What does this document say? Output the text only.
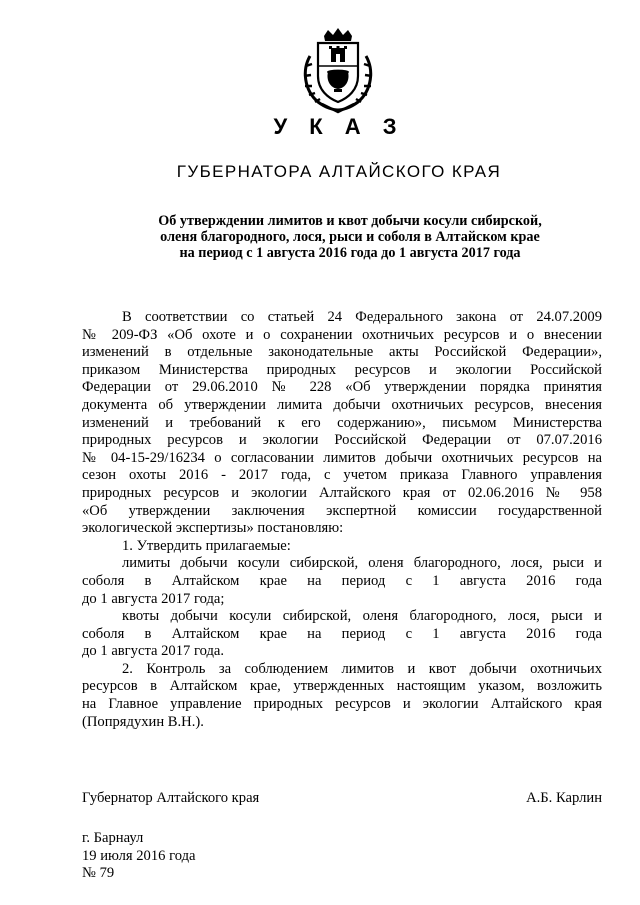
У К А З
ГУБЕРНАТОРА АЛТАЙСКОГО КРАЯ
Об утверждении лимитов и квот добычи косули сибирской,
оленя благородного, лося, рыси и соболя в Алтайском крае
на период с 1 августа 2016 года до 1 августа 2017 года
В соответствии со статьей 24 Федерального закона от 24.07.2009
№ 209-ФЗ «Об охоте и о сохранении охотничьих ресурсов и о внесении
изменений в отдельные законодательные акты Российской Федерации»,
приказом Министерства природных ресурсов и экологии Российской
Федерации от 29.06.2010 № 228 «Об утверждении порядка принятия
документа об утверждении лимита добычи охотничьих ресурсов, внесения
изменений и требований к его содержанию», письмом Министерства
природных ресурсов и экологии Российской Федерации от 07.07.2016
№ 04-15-29/16234 о согласовании лимитов добычи охотничьих ресурсов на
сезон охоты 2016 - 2017 года, с учетом приказа Главного управления
природных ресурсов и экологии Алтайского края от 02.06.2016 № 958
«Об утверждении заключения экспертной комиссии государственной
экологической экспертизы» постановляю:
1. Утвердить прилагаемые:
лимиты добычи косули сибирской, оленя благородного, лося, рыси и
соболя в Алтайском крае на период с 1 августа 2016 года
до 1 августа 2017 года;
квоты добычи косули сибирской, оленя благородного, лося, рыси и
соболя в Алтайском крае на период с 1 августа 2016 года
до 1 августа 2017 года.
2. Контроль за соблюдением лимитов и квот добычи охотничьих
ресурсов в Алтайском крае, утвержденных настоящим указом, возложить
на Главное управление природных ресурсов и экологии Алтайского края
(Попрядухин В.Н.).
Губернатор Алтайского края	А.Б. Карлин
г. Барнаул
19 июля 2016 года
№ 79
